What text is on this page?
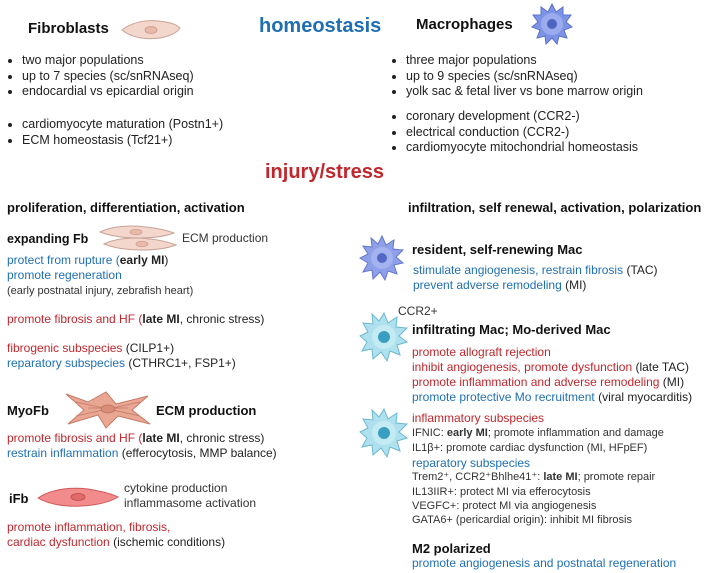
homeostasis
Fibroblasts
• two major populations
• up to 7 species (sc/snRNAseq)
• endocardial vs epicardial origin
• cardiomyocyte maturation (Postn1+)
• ECM homeostasis (Tcf21+)
Macrophages
• three major populations
• up to 9 species (sc/snRNAseq)
• yolk sac & fetal liver vs bone marrow origin
• coronary development (CCR2-)
• electrical conduction (CCR2-)
• cardiomyocyte mitochondrial homeostasis
injury/stress
proliferation, differentiation, activation	infiltration, self renewal, activation, polarization
expanding Fb	ECM production
protect from rupture (early MI)
promote regeneration
(early postnatal injury, zebrafish heart)
promote fibrosis and HF (late MI, chronic stress)
fibrogenic subspecies (CILP1+)
reparatory subspecies (CTHRC1+, FSP1+)
MyoFb	ECM production
promote fibrosis and HF (late MI, chronic stress)
restrain inflammation (efferocytosis, MMP balance)
iFb
cytokine production
inflammasome activation
promote inflammation, fibrosis,
cardiac dysfunction (ischemic conditions)
resident, self-renewing Mac
stimulate angiogenesis, restrain fibrosis (TAC)
prevent adverse remodeling (MI)
CCR2+
infiltrating Mac; Mo-derived Mac
promote allograft rejection
inhibit angiogenesis, promote dysfunction (late TAC)
promote inflammation and adverse remodeling (MI)
promote protective Mo recruitment (viral myocarditis)
inflammatory subspecies
IFNIC: early MI; promote inflammation and damage
IL1β+: promote cardiac dysfunction (MI, HFpEF)
reparatory subspecies
Trem2⁺, CCR2⁺Bhlhe41⁺: late MI; promote repair
IL13IIR+: protect MI via efferocytosis
VEGFC+: protect MI via angiogenesis
GATA6+ (pericardial origin): inhibit MI fibrosis
M2 polarized
promote angiogenesis and postnatal regeneration
